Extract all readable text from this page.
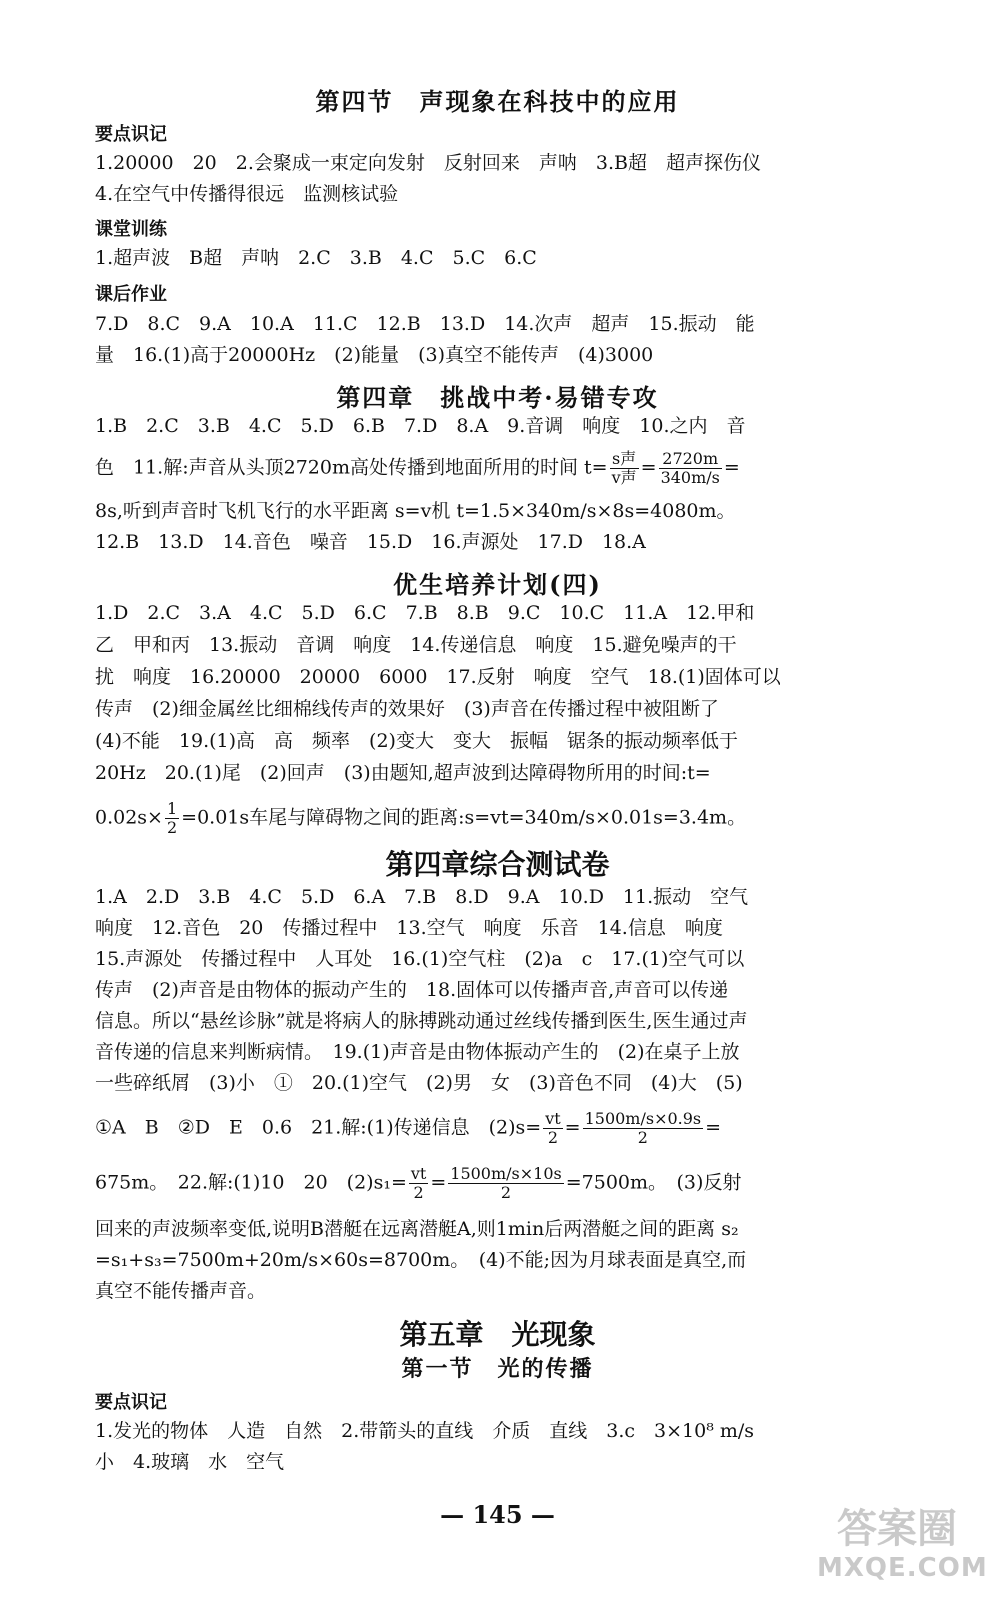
第四节　声现象在科技中的应用
要点识记
1.20000　20　2.会聚成一束定向发射　反射回来　声呐　3.B超　超声探伤仪
4.在空气中传播得很远　监测核试验
课堂训练
1.超声波　B超　声呐　2.C　3.B　4.C　5.C　6.C
课后作业
7.D　8.C　9.A　10.A　11.C　12.B　13.D　14.次声　超声　15.振动　能
量　16.(1)高于20000Hz　(2)能量　(3)真空不能传声　(4)3000
第四章　挑战中考·易错专攻
1.B　2.C　3.B　4.C　5.D　6.B　7.D　8.A　9.音调　响度　10.之内　音
色　11.解:声音从头顶2720m高处传播到地面所用的时间 $t= \frac{\text{s声}}{\text{v声}} = \frac{2720m}{340m/s}$ =
8s,听到声音时飞机飞行的水平距离 s=v机 t=1.5×340m/s×8s=4080m。
12.B　13.D　14.音色　噪音　15.D　16.声源处　17.D　18.A
优生培养计划(四)
1.D　2.C　3.A　4.C　5.D　6.C　7.B　8.B　9.C　10.C　11.A　12.甲和
乙　甲和丙　13.振动　音调　响度　14.传递信息　响度　15.避免噪声的干
扰　响度　16.20000　20000　6000　17.反射　响度　空气　18.(1)固体可以
传声　(2)细金属丝比细棉线传声的效果好　(3)声音在传播过程中被阻断了
(4)不能　19.(1)高　高　频率　(2)变大　变大　振幅　锯条的振动频率低于
20Hz　20.(1)尾　(2)回声　(3)由题知,超声波到达障碍物所用的时间:t=
$0.02s\times \frac{1}{2} =0.01s$车尾与障碍物之间的距离:s=vt=340m/s×0.01s=3.4m。
第四章综合测试卷
1.A　2.D　3.B　4.C　5.D　6.A　7.B　8.D　9.A　10.D　11.振动　空气
响度　12.音色　20　传播过程中　13.空气　响度　乐音　14.信息　响度
15.声源处　传播过程中　人耳处　16.(1)空气柱　(2)a　c　17.(1)空气可以
传声　(2)声音是由物体的振动产生的　18.固体可以传播声音,声音可以传递
信息。所以“悬丝诊脉”就是将病人的脉搏跳动通过丝线传播到医生,医生通过声
音传递的信息来判断病情。　19.(1)声音是由物体振动产生的　(2)在桌子上放
一些碎纸屑　(3)小　①　20.(1)空气　(2)男　女　(3)音色不同　(4)大　(5)
①A　B　②D　E　0.6　21.解:(1)传递信息　$(2)s= \frac{vt}{2} = \frac{1500m/s\times 0.9s}{2}$ =
675m。　22.解:(1)10　20　$(2)s_1= \frac{vt}{2} = \frac{1500m/s\times 10s}{2} =7500m$。　(3)反射
回来的声波频率变低,说明B潜艇在远离潜艇A,则1min后两潜艇之间的距离 s₂
=s₁+s₃=7500m+20m/s×60s=8700m。　(4)不能;因为月球表面是真空,而
真空不能传播声音。
第五章　光现象
第一节　光的传播
要点识记
1.发光的物体　人造　自然　2.带箭头的直线　介质　直线　3.c　3×10⁸ m/s
小　4.玻璃　水　空气
— 145 —	答案圈
MXQE.COM
